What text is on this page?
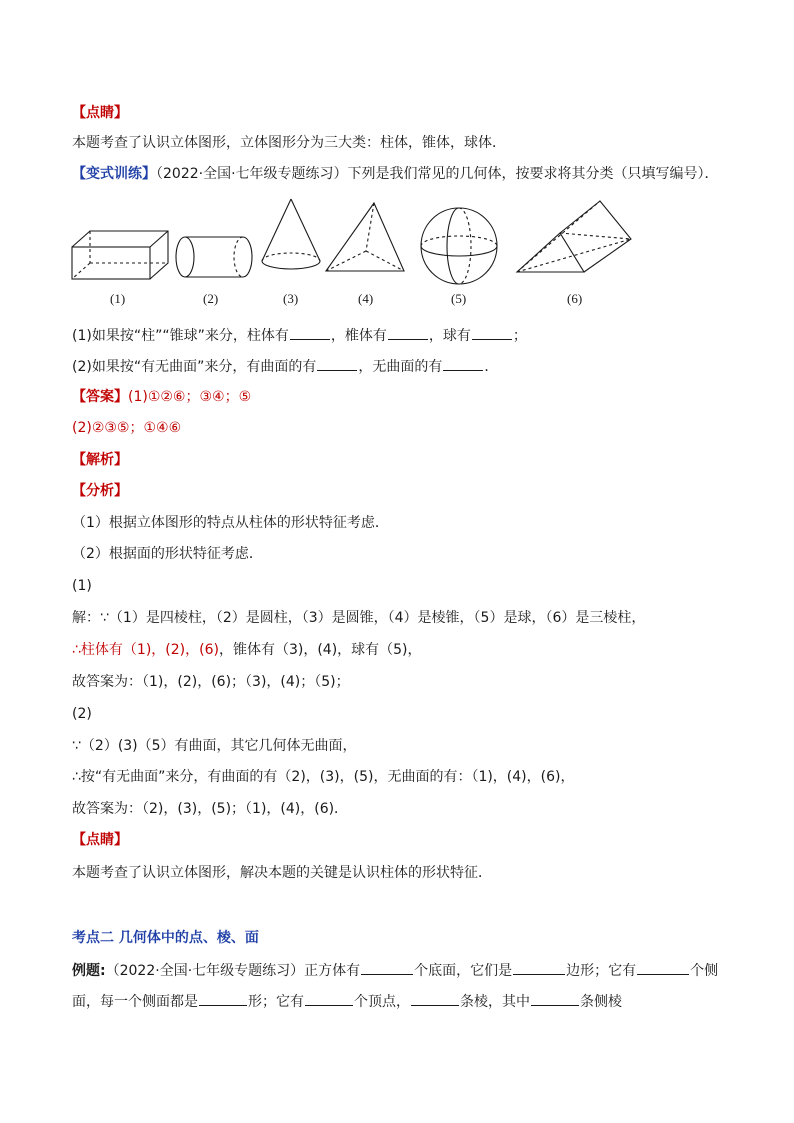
【点睛】
本题考查了认识立体图形，立体图形分为三大类：柱体，锥体，球体．
【变式训练】（2022·全国·七年级专题练习）下列是我们常见的几何体，按要求将其分类（只填写编号）．
(1)	(2)	(3)	(4)	(5)	(6)
(1)如果按“柱”“锥球”来分，柱体有	，椎体有	，球有	；
(2)如果按“有无曲面”来分，有曲面的有	，无曲面的有	．
【答案】(1)①②⑥；③④；⑤
(2)②③⑤；①④⑥
【解析】
【分析】
（1）根据立体图形的特点从柱体的形状特征考虑．
（2）根据面的形状特征考虑．
(1)
解：∵（1）是四棱柱，（2）是圆柱，（3）是圆锥，（4）是棱锥，（5）是球，（6）是三棱柱，
∴柱体有（1)，(2)，(6)，锥体有（3)，(4)，球有（5)，
故答案为：（1)，(2)，(6)；（3)，(4)；（5)；
(2)
∵（2）(3)（5）有曲面，其它几何体无曲面，
∴按“有无曲面”来分，有曲面的有（2)，(3)，(5)，无曲面的有：（1)，(4)，(6)，
故答案为：（2)，(3)，(5)；（1)，(4)，(6)．
【点睛】
本题考查了认识立体图形，解决本题的关键是认识柱体的形状特征．
考点二 几何体中的点、棱、面
例题:（2022·全国·七年级专题练习）正方体有	个底面，它们是	边形；它有	个侧
面，每一个侧面都是	形；它有	个顶点，	条棱，其中	条侧棱
